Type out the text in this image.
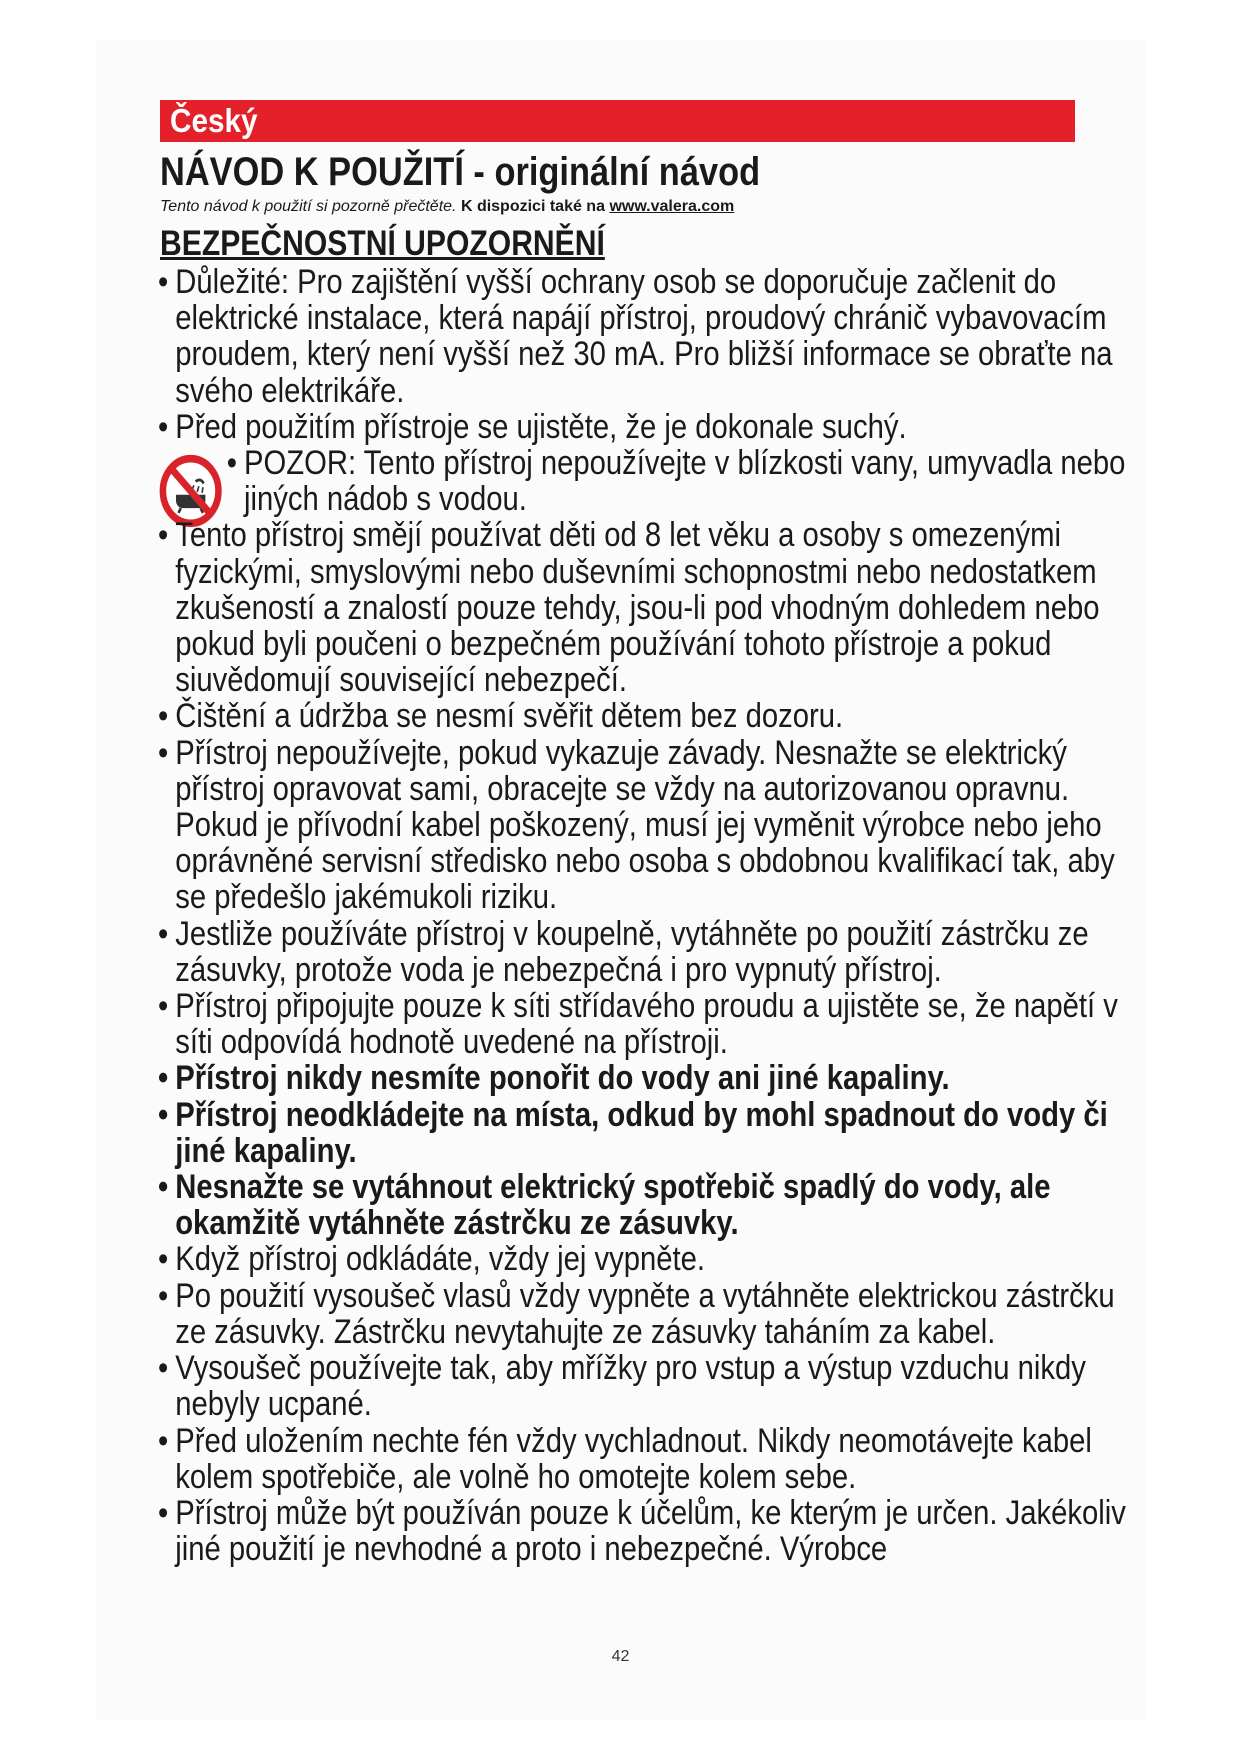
Český
NÁVOD K POUŽITÍ - originální návod
Tento návod k použití si pozorně přečtěte. K dispozici také na www.valera.com
BEZPEČNOSTNÍ UPOZORNĚNÍ
• Důležité: Pro zajištění vyšší ochrany osob se doporučuje začlenit do elektrické instalace, která napájí přístroj, proudový chránič vybavovacím proudem, který není vyšší než 30 mA. Pro bližší informace se obraťte na svého elektrikáře.
• Před použitím přístroje se ujistěte, že je dokonale suchý.
• POZOR: Tento přístroj nepoužívejte v blízkosti vany, umyvadla nebo jiných nádob s vodou.
• Tento přístroj smějí používat děti od 8 let věku a osoby s omezenými fyzickými, smyslovými nebo duševními schopnostmi nebo nedostatkem zkušeností a znalostí pouze tehdy, jsou-li pod vhodným dohledem nebo pokud byli poučeni o bezpečném používání tohoto přístroje a pokud siuvědomují související nebezpečí.
• Čištění a údržba se nesmí svěřit dětem bez dozoru.
• Přístroj nepoužívejte, pokud vykazuje závady. Nesnažte se elektrický přístroj opravovat sami, obracejte se vždy na autorizovanou opravnu. Pokud je přívodní kabel poškozený, musí jej vyměnit výrobce nebo jeho oprávněné servisní středisko nebo osoba s obdobnou kvalifikací tak, aby se předešlo jakémukoli riziku.
• Jestliže používáte přístroj v koupelně, vytáhněte po použití zástrčku ze zásuvky, protože voda je nebezpečná i pro vypnutý přístroj.
• Přístroj připojujte pouze k síti střídavého proudu a ujistěte se, že napětí v síti odpovídá hodnotě uvedené na přístroji.
• Přístroj nikdy nesmíte ponořit do vody ani jiné kapaliny.
• Přístroj neodkládejte na místa, odkud by mohl spadnout do vody či jiné kapaliny.
• Nesnažte se vytáhnout elektrický spotřebič spadlý do vody, ale okamžitě vytáhněte zástrčku ze zásuvky.
• Když přístroj odkládáte, vždy jej vypněte.
• Po použití vysoušeč vlasů vždy vypněte a vytáhněte elektrickou zástrčku ze zásuvky. Zástrčku nevytahujte ze zásuvky taháním za kabel.
• Vysoušeč používejte tak, aby mřížky pro vstup a výstup vzduchu nikdy nebyly ucpané.
• Před uložením nechte fén vždy vychladnout. Nikdy neomotávejte kabel kolem spotřebiče, ale volně ho omotejte kolem sebe.
• Přístroj může být používán pouze k účelům, ke kterým je určen. Jakékoliv jiné použití je nevhodné a proto i nebezpečné. Výrobce
42
